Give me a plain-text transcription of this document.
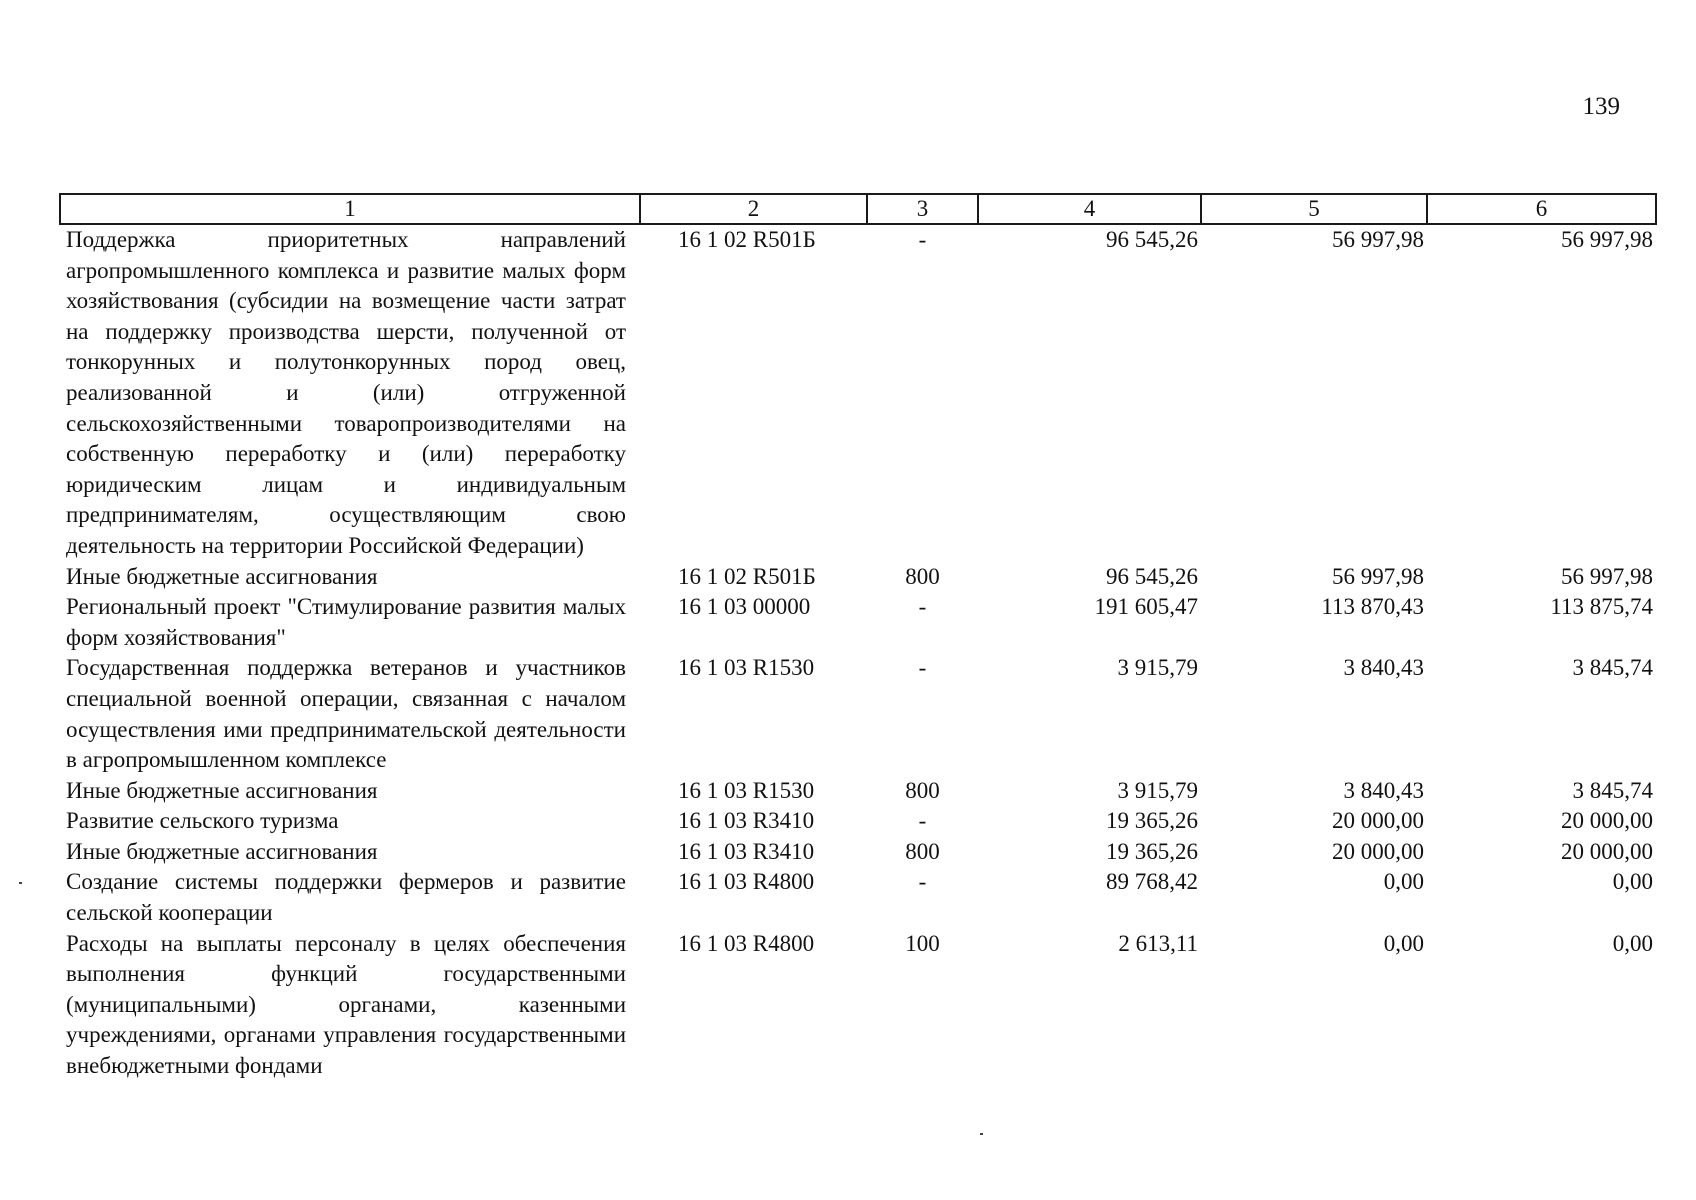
139
1	2	3	4	5	6
Поддержка приоритетных направлений агропромышленного комплекса и развитие малых форм хозяйствования (субсидии на возмещение части затрат на поддержку производства шерсти, полученной от тонкорунных и полутонкорунных пород овец, реализованной и (или) отгруженной сельскохозяйственными товаропроизводителями на собственную переработку и (или) переработку юридическим лицам и индивидуальным предпринимателям, осуществляющим свою деятельность на территории Российской Федерации)	16 1 02 R501Б	-	96 545,26	56 997,98	56 997,98
Иные бюджетные ассигнования	16 1 02 R501Б	800	96 545,26	56 997,98	56 997,98
Региональный проект "Стимулирование развития малых форм хозяйствования"	16 1 03 00000	-	191 605,47	113 870,43	113 875,74
Государственная поддержка ветеранов и участников специальной военной операции, связанная с началом осуществления ими предпринимательской деятельности в агропромышленном комплексе	16 1 03 R1530	-	3 915,79	3 840,43	3 845,74
Иные бюджетные ассигнования	16 1 03 R1530	800	3 915,79	3 840,43	3 845,74
Развитие сельского туризма	16 1 03 R3410	-	19 365,26	20 000,00	20 000,00
Иные бюджетные ассигнования	16 1 03 R3410	800	19 365,26	20 000,00	20 000,00
Создание системы поддержки фермеров и развитие сельской кооперации	16 1 03 R4800	-	89 768,42	0,00	0,00
Расходы на выплаты персоналу в целях обеспечения выполнения функций государственными (муниципальными) органами, казенными учреждениями, органами управления государственными внебюджетными фондами	16 1 03 R4800	100	2 613,11	0,00	0,00
